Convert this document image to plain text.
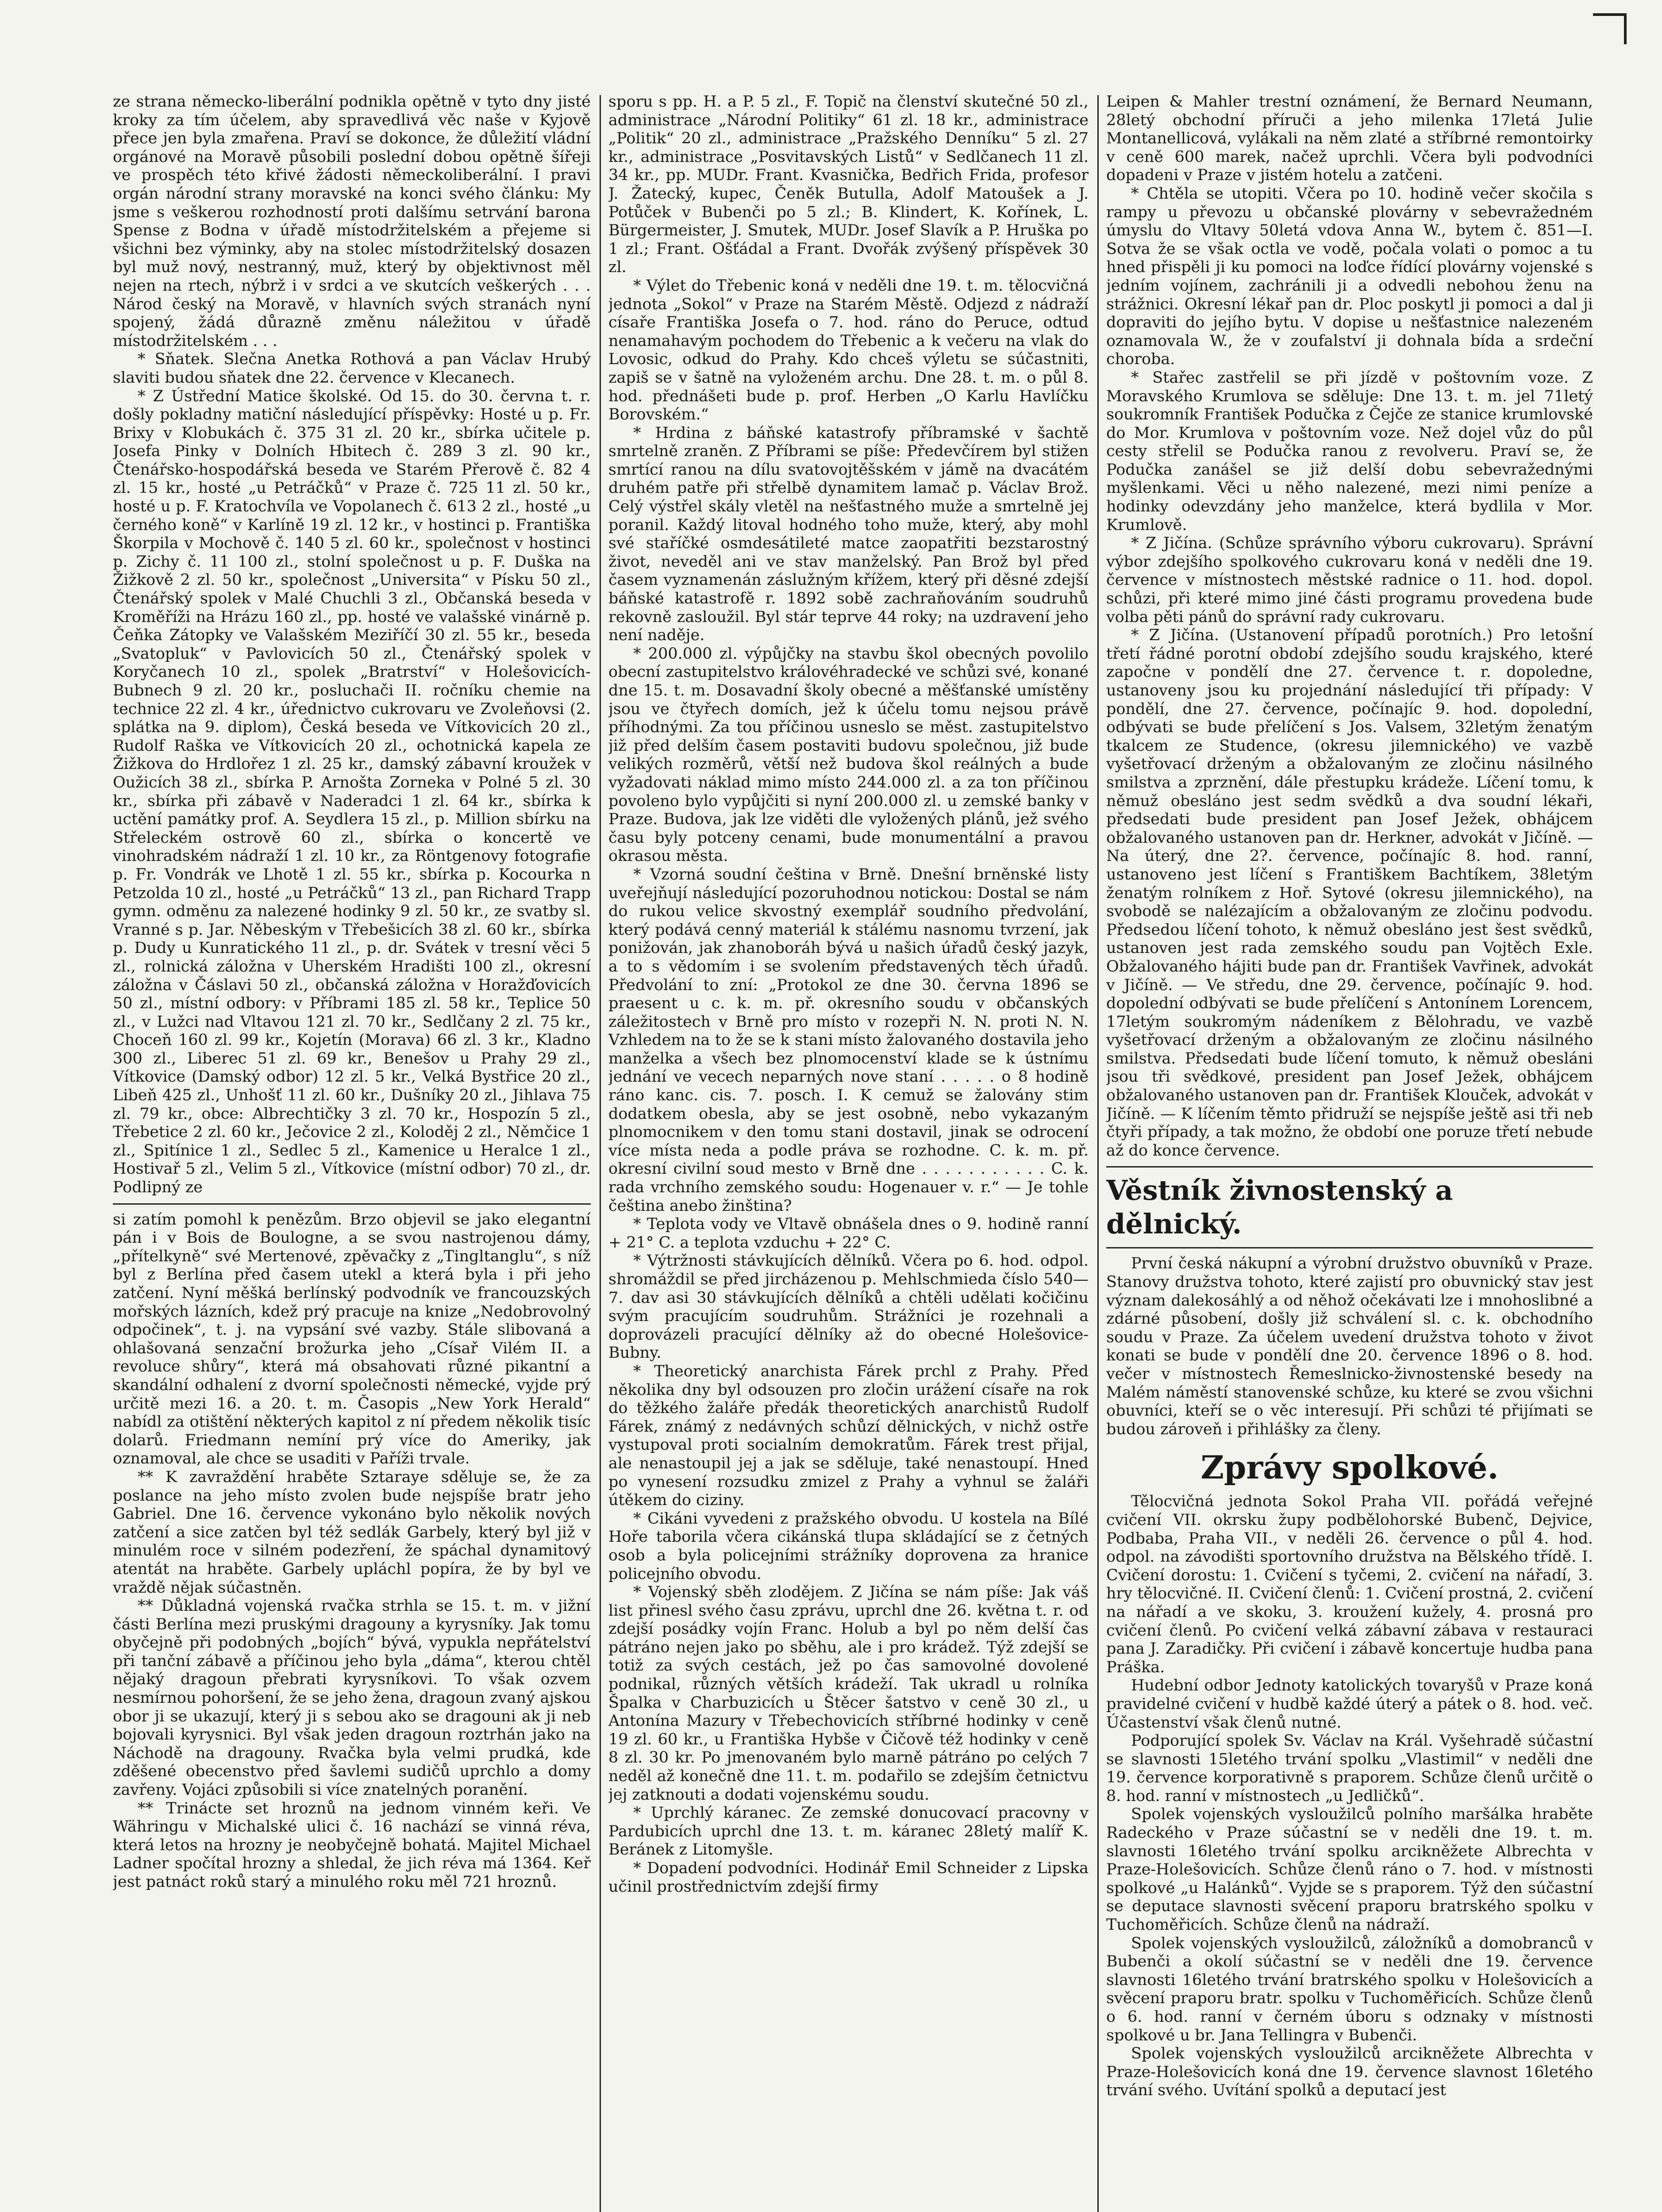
ze strana německo-liberální podnikla opětně v tyto dny jisté kroky za tím účelem, aby spravedlivá věc naše v Kyjově přece jen byla zmařena. Praví se dokonce, že důležití vládní orgánové na Moravě působili poslední dobou opětně šířeji ve prospěch této křivé žádosti německoliberální. I pravi orgán národní strany moravské na konci svého článku: My jsme s veškerou rozhodností proti dalšímu setrvání barona Spense z Bodna v úřadě místodržitelském a přejeme si všichni bez výminky, aby na stolec místodržitelský dosazen byl muž nový, nestranný, muž, který by objektivnost měl nejen na rtech, nýbrž i v srdci a ve skutcích veškerých . . . Národ český na Moravě, v hlavních svých stranách nyní spojený, žádá důrazně změnu náležitou v úřadě místodržitelském . . .

* Sňatek. Slečna Anetka Rothová a pan Václav Hrubý slaviti budou sňatek dne 22. července v Klecanech.

* Z Ústřední Matice školské. Od 15. do 30. června t. r. došly pokladny matiční následující příspěvky: Hosté u p. Fr. Brixy v Klobukách č. 375 31 zl. 20 kr., sbírka učitele p. Josefa Pinky v Dolních Hbitech č. 289 3 zl. 90 kr., Čtenářsko-hospodářská beseda ve Starém Přerově č. 82 4 zl. 15 kr., hosté „u Petráčků“ v Praze č. 725 11 zl. 50 kr., hosté u p. F. Kratochvíla ve Vopolanech č. 613 2 zl., hosté „u černého koně“ v Karlíně 19 zl. 12 kr., v hostinci p. Františka Škorpila v Mochově č. 140 5 zl. 60 kr., společnost v hostinci p. Zichy č. 11 100 zl., stolní společnost u p. F. Duška na Žižkově 2 zl. 50 kr., společnost „Universita“ v Písku 50 zl., Čtenářský spolek v Malé Chuchli 3 zl., Občanská beseda v Kroměříži na Hrázu 160 zl., pp. hosté ve valašské vinárně p. Čeňka Zátopky ve Valašském Meziříčí 30 zl. 55 kr., beseda „Svatopluk“ v Pavlovicích 50 zl., Čtenářský spolek v Koryčanech 10 zl., spolek „Bratrství“ v Holešovicích-Bubnech 9 zl. 20 kr., posluchači II. ročníku chemie na technice 22 zl. 4 kr., úřednictvo cukrovaru ve Zvoleňovsi (2. splátka na 9. diplom), Česká beseda ve Vítkovicích 20 zl., Rudolf Raška ve Vítkovicích 20 zl., ochotnická kapela ze Žižkova do Hrdlořez 1 zl. 25 kr., damský zábavní kroužek v Oužicích 38 zl., sbírka P. Arnošta Zorneka v Polné 5 zl. 30 kr., sbírka při zábavě v Naderadci 1 zl. 64 kr., sbírka k uctění památky prof. A. Seydlera 15 zl., p. Million sbírku na Střeleckém ostrově 60 zl., sbírka o koncertě ve vinohradském nádraží 1 zl. 10 kr., za Röntgenovy fotografie p. Fr. Vondrák ve Lhotě 1 zl. 55 kr., sbírka p. Kocourka n Petzolda 10 zl., hosté „u Petráčků“ 13 zl., pan Richard Trapp gymn. odměnu za nalezené hodinky 9 zl. 50 kr., ze svatby sl. Vranné s p. Jar. Něbeským v Třebešicích 38 zl. 60 kr., sbírka p. Dudy u Kunratického 11 zl., p. dr. Svátek v tresní věci 5 zl., rolnická záložna v Uherském Hradišti 100 zl., okresní záložna v Čáslavi 50 zl., občanská záložna v Horažďovicích 50 zl., místní odbory: v Příbrami 185 zl. 58 kr., Teplice 50 zl., v Lužci nad Vltavou 121 zl. 70 kr., Sedlčany 2 zl. 75 kr., Choceň 160 zl. 99 kr., Kojetín (Morava) 66 zl. 3 kr., Kladno 300 zl., Liberec 51 zl. 69 kr., Benešov u Prahy 29 zl., Vítkovice (Damský odbor) 12 zl. 5 kr., Velká Bystřice 20 zl., Libeň 425 zl., Unhošť 11 zl. 60 kr., Dušníky 20 zl., Jihlava 75 zl. 79 kr., obce: Albrechtičky 3 zl. 70 kr., Hospozín 5 zl., Třebetice 2 zl. 60 kr., Ječovice 2 zl., Koloděj 2 zl., Němčice 1 zl., Spitínice 1 zl., Sedlec 5 zl., Kamenice u Heralce 1 zl., Hostivař 5 zl., Velim 5 zl., Vítkovice (místní odbor) 70 zl., dr. Podlipný ze

si zatím pomohl k penězům. Brzo objevil se jako elegantní pán i v Bois de Boulogne, a se svou nastrojenou dámy, „přítelkyně“ své Mertenové, zpěvačky z „Tingltanglu“, s níž byl z Berlína před časem utekl a která byla i při jeho zatčení. Nyní měšká berlínský podvodník ve francouzských mořských lázních, kdež prý pracuje na knize „Nedobrovolný odpočinek“, t. j. na vypsání své vazby. Stále slibovaná a ohlašovaná senzační brožurka jeho „Císař Vilém II. a revoluce shůry“, která má obsahovati různé pikantní a skandální odhalení z dvorní společnosti německé, vyjde prý určitě mezi 16. a 20. t. m. Časopis „New York Herald“ nabídl za otištění některých kapitol z ní předem několik tisíc dolarů. Friedmann nemíní prý více do Ameriky, jak oznamoval, ale chce se usaditi v Paříži trvale.

** K zavraždění hraběte Sztaraye sděluje se, že za poslance na jeho místo zvolen bude nejspíše bratr jeho Gabriel. Dne 16. července vykonáno bylo několik nových zatčení a sice zatčen byl též sedlák Garbely, který byl již v minulém roce v silném podezření, že spáchal dynamitový atentát na hraběte. Garbely upláchl popíra, že by byl ve vraždě nějak súčastněn.

** Důkladná vojenská rvačka strhla se 15. t. m. v jižní části Berlína mezi pruskými dragouny a kyrysníky. Jak tomu obyčejně při podobných „bojích“ bývá, vypukla nepřátelství při tanční zábavě a příčinou jeho byla „dáma“, kterou chtěl nějaký dragoun přebrati kyrysníkovi. To však ozvem nesmírnou pohoršení, že se jeho žena, dragoun zvaný ajskou obor ji se ukazují, který ji s sebou ako se dragouni ak ji neb bojovali kyrysnici. Byl však jeden dragoun roztrhán jako na Náchodě na dragouny. Rvačka byla velmi prudká, kde zděšené obecenstvo před šavlemi sudičů uprchlo a domy zavřeny. Vojáci způsobili si více znatelných poranění.

** Trinácte set hroznů na jednom vinném keři. Ve Währingu v Michalské ulici č. 16 nachází se vinná réva, která letos na hrozny je neobyčejně bohatá. Majitel Michael Ladner spočítal hrozny a shledal, že jich réva má 1364. Keř jest patnáct roků starý a minulého roku měl 721 hroznů.

sporu s pp. H. a P. 5 zl., F. Topič na členství skutečné 50 zl., administrace „Národní Politiky“ 61 zl. 18 kr., administrace „Politik“ 20 zl., administrace „Pražského Denníku“ 5 zl. 27 kr., administrace „Posvitavských Listů“ v Sedlčanech 11 zl. 34 kr., pp. MUDr. Frant. Kvasnička, Bedřich Frida, profesor J. Žatecký, kupec, Čeněk Butulla, Adolf Matoušek a J. Potůček v Bubenči po 5 zl.; B. Klindert, K. Kořínek, L. Bürgermeister, J. Smutek, MUDr. Josef Slavík a P. Hruška po 1 zl.; Frant. Ošťádal a Frant. Dvořák zvýšený příspěvek 30 zl.

* Výlet do Třebenic koná v neděli dne 19. t. m. tělocvičná jednota „Sokol“ v Praze na Starém Městě. Odjezd z nádraží císaře Františka Josefa o 7. hod. ráno do Peruce, odtud nenamahavým pochodem do Třebenic a k večeru na vlak do Lovosic, odkud do Prahy. Kdo chceš výletu se súčastniti, zapiš se v šatně na vyloženém archu. Dne 28. t. m. o půl 8. hod. přednášeti bude p. prof. Herben „O Karlu Havlíčku Borovském.“

* Hrdina z báňské katastrofy příbramské v šachtě smrtelně zraněn. Z Příbrami se píše: Předevčírem byl stižen smrtící ranou na dílu svatovojtěšském v jámě na dvacátém druhém patře při střelbě dynamitem lamač p. Václav Brož. Celý výstřel skály vletěl na nešťastného muže a smrtelně jej poranil. Každý litoval hodného toho muže, který, aby mohl své staříčké osmdesátileté matce zaopatřiti bezstarostný život, neveděl ani ve stav manželský. Pan Brož byl před časem vyznamenán záslužným křížem, který při děsné zdejší báňské katastrofě r. 1892 sobě zachraňováním soudruhů rekovně zasloužil. Byl stár teprve 44 roky; na uzdravení jeho není naděje.

* 200.000 zl. výpůjčky na stavbu škol obecných povolilo obecní zastupitelstvo královéhradecké ve schůzi své, konané dne 15. t. m. Dosavadní školy obecné a měšťanské umístěny jsou ve čtyřech domích, jež k účelu tomu nejsou právě příhodnými. Za tou příčinou usneslo se měst. zastupitelstvo již před delším časem postaviti budovu společnou, již bude velikých rozměrů, větší než budova škol reálných a bude vyžadovati náklad mimo místo 244.000 zl. a za ton příčinou povoleno bylo vypůjčiti si nyní 200.000 zl. u zemské banky v Praze. Budova, jak lze viděti dle vyložených plánů, jež svého času byly potceny cenami, bude monumentální a pravou okrasou města.

* Vzorná soudní čeština v Brně. Dnešní brněnské listy uveřejňují následující pozoruhodnou notickou: Dostal se nám do rukou velice skvostný exemplář soudního předvolání, který podává cenný materiál k stálému nasnomu tvrzení, jak ponižován, jak zhanoboráh bývá u našich úřadů český jazyk, a to s vědomím i se svolením představených těch úřadů. Předvolání to zní: „Protokol ze dne 30. června 1896 se praesent u c. k. m. př. okresního soudu v občanských záležitostech v Brně pro místo v rozepři N. N. proti N. N. Vzhledem na to že se k stani místo žalovaného dostavila jeho manželka a všech bez plnomocenství klade se k ústnímu jednání ve vecech neparných nove staní . . . . . o 8 hodině ráno kanc. cis. 7. posch. I. K cemuž se žalovány stim dodatkem obesla, aby se jest osobně, nebo vykazaným plnomocnikem v den tomu stani dostavil, jinak se odrocení více místa neda a podle práva se rozhodne. C. k. m. př. okresní civilní soud mesto v Brně dne . . . . . . . . . . . C. k. rada vrchního zemského soudu: Hogenauer v. r.“ — Je tohle čeština anebo žinština?

* Teplota vody ve Vltavě obnášela dnes o 9. hodině ranní + 21° C. a teplota vzduchu + 22° C.

* Výtržnosti stávkujících dělníků. Včera po 6. hod. odpol. shromáždil se před jircházenou p. Mehlschmieda číslo 540—7. dav asi 30 stávkujících dělníků a chtěli udělati kočičinu svým pracujícím soudruhům. Strážníci je rozehnali a doprovázeli pracující dělníky až do obecné Holešovice-Bubny.

* Theoretický anarchista Fárek prchl z Prahy. Před několika dny byl odsouzen pro zločin urážení císaře na rok do těžkého žaláře předák theoretických anarchistů Rudolf Fárek, známý z nedávných schůzí dělnických, v nichž ostře vystupoval proti socialním demokratům. Fárek trest přijal, ale nenastoupil jej a jak se sděluje, také nenastoupí. Hned po vynesení rozsudku zmizel z Prahy a vyhnul se žaláři útěkem do ciziny.

* Cikáni vyvedeni z pražského obvodu. U kostela na Bílé Hoře taborila včera cikánská tlupa skládající se z četných osob a byla policejními strážníky doprovena za hranice policejního obvodu.

* Vojenský sběh zlodějem. Z Jičína se nám píše: Jak váš list přinesl svého času zprávu, uprchl dne 26. května t. r. od zdejší posádky vojín Franc. Holub a byl po něm delší čas pátráno nejen jako po sběhu, ale i pro krádež. Týž zdejší se totiž za svých cestách, jež po čas samovolné dovolené podnikal, různých větších krádeží. Tak ukradl u rolníka Špalka v Charbuzicích u Štěcer šatstvo v ceně 30 zl., u Antonína Mazury v Třebechovicích stříbrné hodinky v ceně 19 zl. 60 kr., u Františka Hybše v Čičově též hodinky v ceně 8 zl. 30 kr. Po jmenovaném bylo marně pátráno po celých 7 neděl až konečně dne 11. t. m. podařilo se zdejším četnictvu jej zatknouti a dodati vojenskému soudu.

* Uprchlý káranec. Ze zemské donucovací pracovny v Pardubicích uprchl dne 13. t. m. káranec 28letý malíř K. Beránek z Litomyšle.

* Dopadení podvodníci. Hodinář Emil Schneider z Lipska učinil prostřednictvím zdejší firmy

Leipen & Mahler trestní oznámení, že Bernard Neumann, 28letý obchodní příruči a jeho milenka 17letá Julie Montanellicová, vylákali na něm zlaté a stříbrné remontoirky v ceně 600 marek, načež uprchli. Včera byli podvodníci dopadeni v Praze v jistém hotelu a zatčeni.

* Chtěla se utopiti. Včera po 10. hodině večer skočila s rampy u převozu u občanské plovárny v sebevražedném úmyslu do Vltavy 50letá vdova Anna W., bytem č. 851—I. Sotva že se však octla ve vodě, počala volati o pomoc a tu hned přispěli ji ku pomoci na loďce řídící plovárny vojenské s jedním vojínem, zachránili ji a odvedli nebohou ženu na strážnici. Okresní lékař pan dr. Ploc poskytl ji pomoci a dal ji dopraviti do jejího bytu. V dopise u nešťastnice nalezeném oznamovala W., že v zoufalství ji dohnala bída a srdeční choroba.

* Stařec zastřelil se při jízdě v poštovním voze. Z Moravského Krumlova se sděluje: Dne 13. t. m. jel 71letý soukromník František Podučka z Čejče ze stanice krumlovské do Mor. Krumlova v poštovním voze. Než dojel vůz do půl cesty střelil se Podučka ranou z revolveru. Praví se, že Podučka zanášel se již delší dobu sebevražednými myšlenkami. Věci u něho nalezené, mezi nimi peníze a hodinky odevzdány jeho manželce, která bydlila v Mor. Krumlově.

* Z Jičína. (Schůze správního výboru cukrovaru). Správní výbor zdejšího spolkového cukrovaru koná v neděli dne 19. července v místnostech městské radnice o 11. hod. dopol. schůzi, při které mimo jiné části programu provedena bude volba pěti pánů do správní rady cukrovaru.

* Z Jičína. (Ustanovení případů porotních.) Pro letošní třetí řádné porotní období zdejšího soudu krajského, které započne v pondělí dne 27. července t. r. dopoledne, ustanoveny jsou ku projednání následující tři případy: V pondělí, dne 27. července, počínajíc 9. hod. dopolední, odbývati se bude přelíčení s Jos. Valsem, 32letým ženatým tkalcem ze Studence, (okresu jilemnického) ve vazbě vyšetřovací drženým a obžalovaným ze zločinu násilného smilstva a zprznění, dále přestupku krádeže. Líčení tomu, k němuž obesláno jest sedm svědků a dva soudní lékaři, předsedati bude president pan Josef Ježek, obhájcem obžalovaného ustanoven pan dr. Herkner, advokát v Jičíně. — Na úterý, dne 2?. července, počínajíc 8. hod. ranní, ustanoveno jest líčení s Františkem Bachtíkem, 38letým ženatým rolníkem z Hoř. Sytové (okresu jilemnického), na svobodě se nalézajícím a obžalovaným ze zločinu podvodu. Předsedou líčení tohoto, k němuž obesláno jest šest svědků, ustanoven jest rada zemského soudu pan Vojtěch Exle. Obžalovaného hájiti bude pan dr. František Vavřinek, advokát v Jičíně. — Ve středu, dne 29. července, počínajíc 9. hod. dopolední odbývati se bude přelíčení s Antonínem Lorencem, 17letým soukromým nádeníkem z Bělohradu, ve vazbě vyšetřovací drženým a obžalovaným ze zločinu násilného smilstva. Předsedati bude líčení tomuto, k němuž obesláni jsou tři svědkové, president pan Josef Ježek, obhájcem obžalovaného ustanoven pan dr. František Klouček, advokát v Jičíně. — K líčením těmto přidruží se nejspíše ještě asi tři neb čtyři případy, a tak možno, že období one poruze třetí nebude až do konce července.

Věstník živnostenský a dělnický.

První česká nákupní a výrobní družstvo obuvníků v Praze. Stanovy družstva tohoto, které zajistí pro obuvnický stav jest význam dalekosáhlý a od něhož očekávati lze i mnohoslibné a zdárné působení, došly již schválení sl. c. k. obchodního soudu v Praze. Za účelem uvedení družstva tohoto v život konati se bude v pondělí dne 20. července 1896 o 8. hod. večer v místnostech Řemeslnicko-živnostenské besedy na Malém náměstí stanovenské schůze, ku které se zvou všichni obuvníci, kteří se o věc interesují. Při schůzi té přijímati se budou zároveň i přihlášky za členy.

Zprávy spolkové.

Tělocvičná jednota Sokol Praha VII. pořádá veřejné cvičení VII. okrsku župy podbělohorské Bubenč, Dejvice, Podbaba, Praha VII., v neděli 26. července o půl 4. hod. odpol. na závodišti sportovního družstva na Bělského třídě. I. Cvičení dorostu: 1. Cvičení s tyčemi, 2. cvičení na nářadí, 3. hry tělocvičné. II. Cvičení členů: 1. Cvičení prostná, 2. cvičení na nářadí a ve skoku, 3. kroužení kužely, 4. prosná pro cvičení členů. Po cvičení velká zábavní zábava v restauraci pana J. Zaradičky. Při cvičení i zábavě koncertuje hudba pana Práška.

Hudební odbor Jednoty katolických tovaryšů v Praze koná pravidelné cvičení v hudbě každé úterý a pátek o 8. hod. več. Účastenství však členů nutné.

Podporující spolek Sv. Václav na Král. Vyšehradě súčastní se slavnosti 15letého trvání spolku „Vlastimil“ v neděli dne 19. července korporativně s praporem. Schůze členů určitě o 8. hod. ranní v místnostech „u Jedličků“.

Spolek vojenských vysloužilců polního maršálka hraběte Radeckého v Praze súčastní se v neděli dne 19. t. m. slavnosti 16letého trvání spolku arcikněžete Albrechta v Praze-Holešovicích. Schůze členů ráno o 7. hod. v místnosti spolkové „u Halánků“. Vyjde se s praporem. Týž den súčastní se deputace slavnosti svěcení praporu bratrského spolku v Tuchoměřicích. Schůze členů na nádraží.

Spolek vojenských vysloužilců, záložníků a domobranců v Bubenči a okolí súčastní se v neděli dne 19. července slavnosti 16letého trvání bratrského spolku v Holešovicích a svěcení praporu bratr. spolku v Tuchoměřicích. Schůze členů o 6. hod. ranní v černém úboru s odznaky v místnosti spolkové u br. Jana Tellingra v Bubenči.

Spolek vojenských vysloužilců arcikněžete Albrechta v Praze-Holešovicích koná dne 19. července slavnost 16letého trvání svého. Uvítání spolků a deputací jest
